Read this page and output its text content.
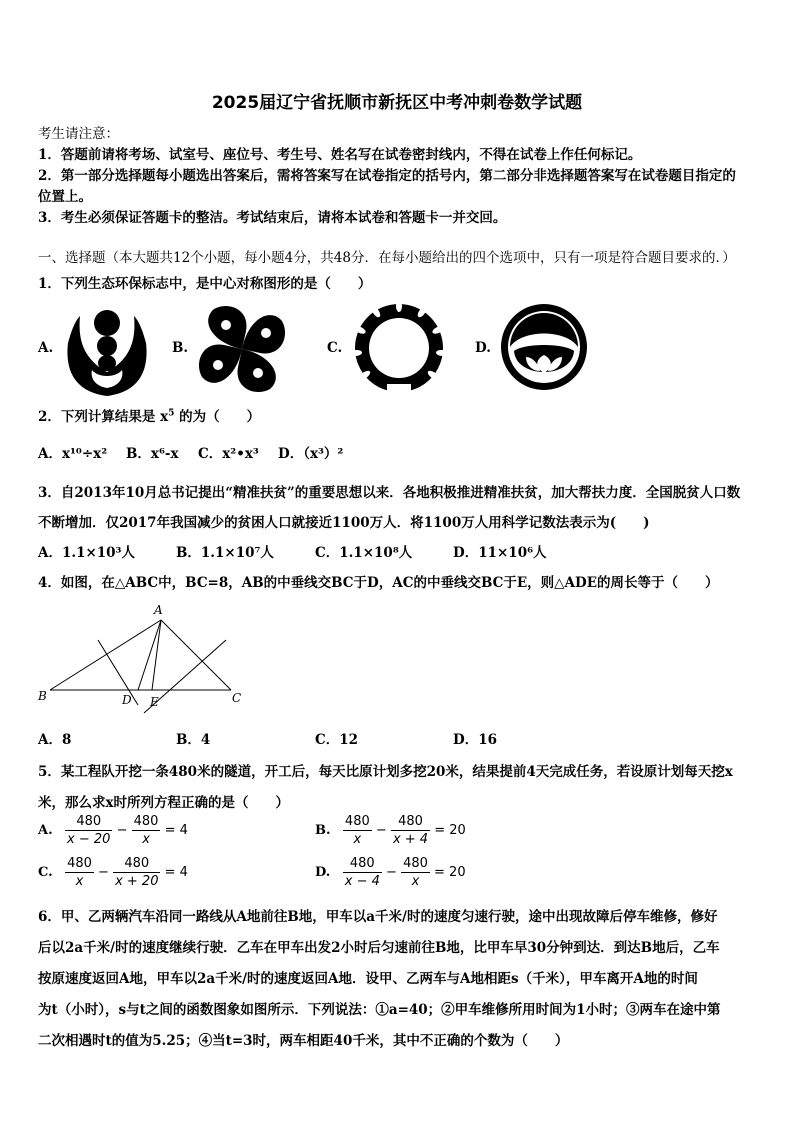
2025届辽宁省抚顺市新抚区中考冲刺卷数学试题
考生请注意：
1．答题前请将考场、试室号、座位号、考生号、姓名写在试卷密封线内，不得在试卷上作任何标记。
2．第一部分选择题每小题选出答案后，需将答案写在试卷指定的括号内，第二部分非选择题答案写在试卷题目指定的
位置上。
3．考生必须保证答题卡的整洁。考试结束后，请将本试卷和答题卡一并交回。
一、选择题（本大题共12个小题，每小题4分，共48分．在每小题给出的四个选项中，只有一项是符合题目要求的．）
1．下列生态环保标志中，是中心对称图形的是（　　）
A.	B.	C.	D.
2．下列计算结果是 $x^5$ 的为（　　）
A．x¹⁰÷x² B．x⁶-x C．x²•x³ D．（x³）²
3．自2013年10月总书记提出“精准扶贫”的重要思想以来．各地积极推进精准扶贫，加大帮扶力度．全国脱贫人口数
不断增加．仅2017年我国减少的贫困人口就接近1100万人．将1100万人用科学记数法表示为(　　)
A．1.1×10³人	B．1.1×10⁷人	C．1.1×10⁸人	D．11×10⁶人
4．如图，在△ABC中，BC=8，AB的中垂线交BC于D，AC的中垂线交BC于E，则△ADE的周长等于（　　）
A
B	C
D E
A．8	B．4	C．12	D．16
5．某工程队开挖一条480米的隧道，开工后，每天比原计划多挖20米，结果提前4天完成任务，若设原计划每天挖x
米，那么求x时所列方程正确的是（　　）
A. $\frac{480}{x - 20} - \frac{480}{x} = 4$	B. $\frac{480}{x} - \frac{480}{x + 4} = 20$
C. $\frac{480}{x} - \frac{480}{x + 20} = 4$	D. $\frac{480}{x - 4} - \frac{480}{x} = 20$
6．甲、乙两辆汽车沿同一路线从A地前往B地，甲车以a千米/时的速度匀速行驶，途中出现故障后停车维修，修好
后以2a千米/时的速度继续行驶．乙车在甲车出发2小时后匀速前往B地，比甲车早30分钟到达．到达B地后，乙车
按原速度返回A地，甲车以2a千米/时的速度返回A地．设甲、乙两车与A地相距s（千米），甲车离开A地的时间
为t（小时），s与t之间的函数图象如图所示．下列说法：①a=40；②甲车维修所用时间为1小时；③两车在途中第
二次相遇时t的值为5.25；④当t=3时，两车相距40千米，其中不正确的个数为（　　）
